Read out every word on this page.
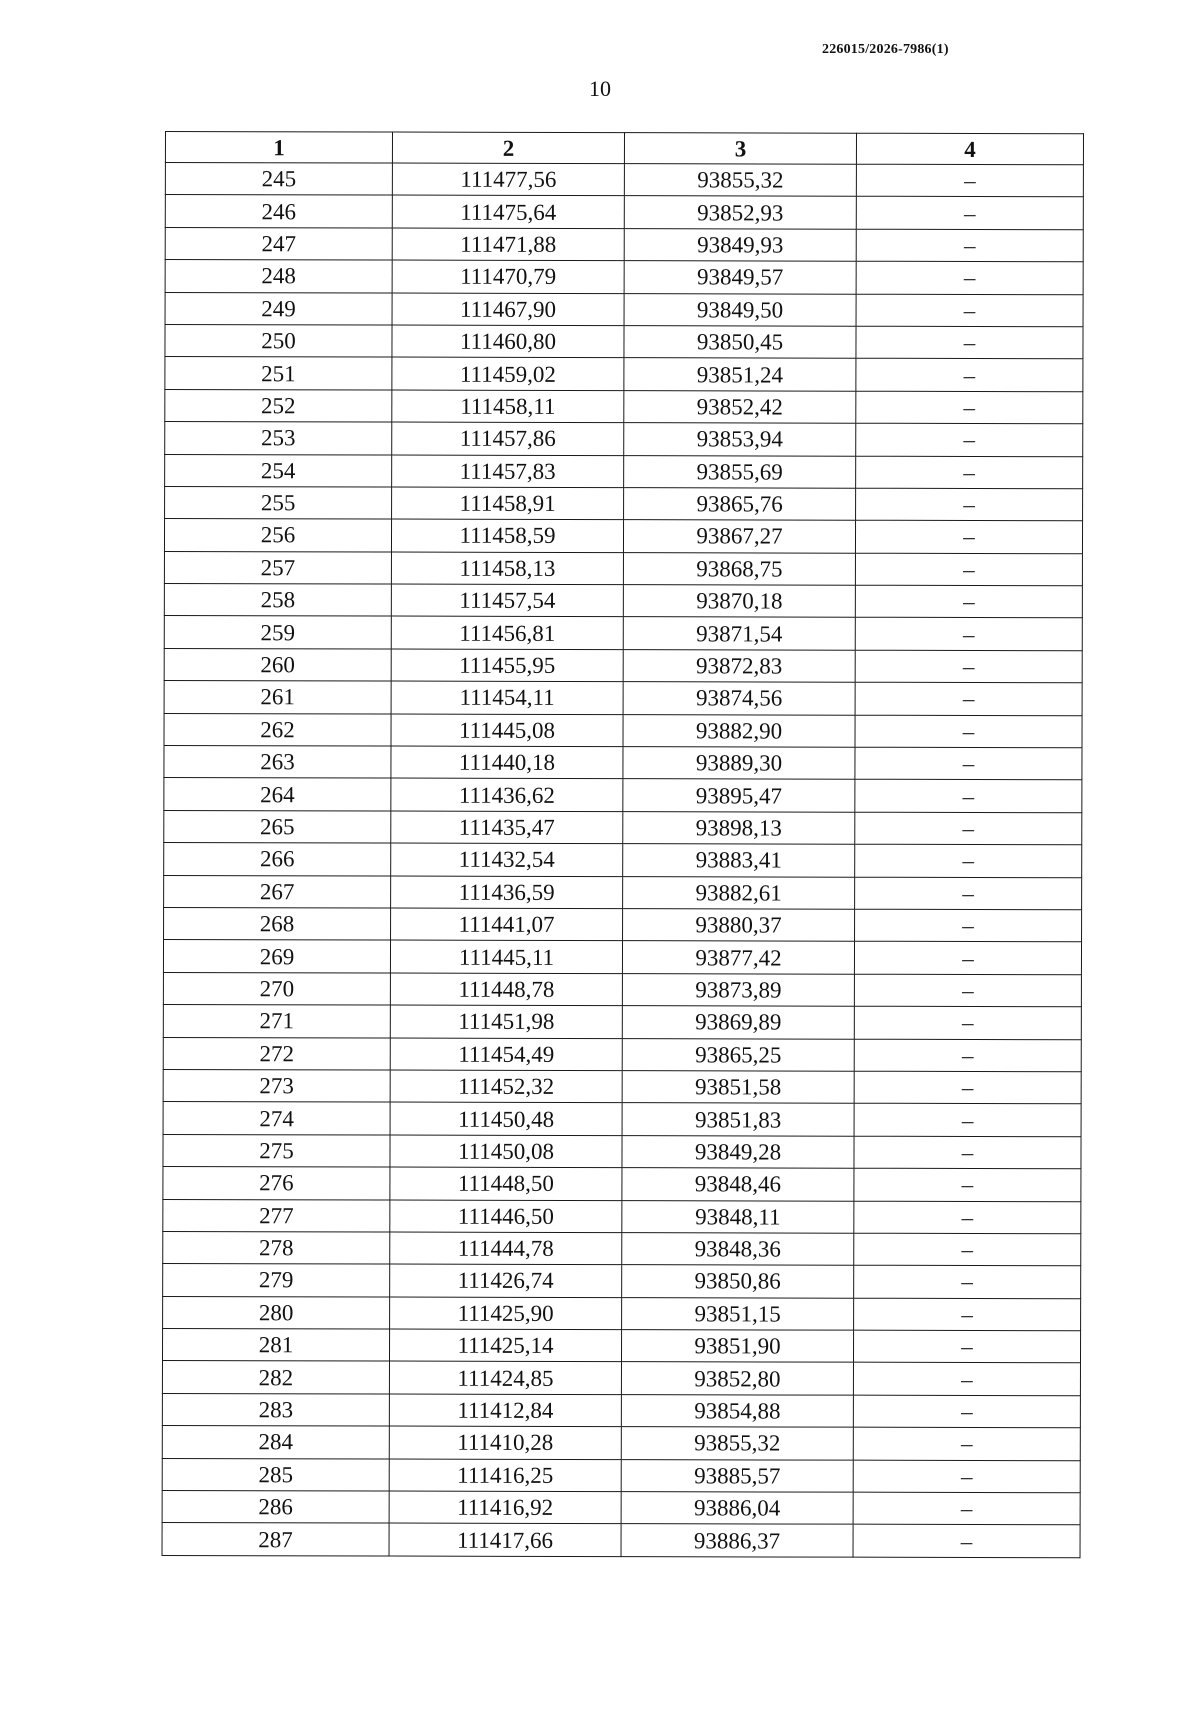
226015/2026-7986(1)
10
1	2	3	4
245	111477,56	93855,32	–
246	111475,64	93852,93	–
247	111471,88	93849,93	–
248	111470,79	93849,57	–
249	111467,90	93849,50	–
250	111460,80	93850,45	–
251	111459,02	93851,24	–
252	111458,11	93852,42	–
253	111457,86	93853,94	–
254	111457,83	93855,69	–
255	111458,91	93865,76	–
256	111458,59	93867,27	–
257	111458,13	93868,75	–
258	111457,54	93870,18	–
259	111456,81	93871,54	–
260	111455,95	93872,83	–
261	111454,11	93874,56	–
262	111445,08	93882,90	–
263	111440,18	93889,30	–
264	111436,62	93895,47	–
265	111435,47	93898,13	–
266	111432,54	93883,41	–
267	111436,59	93882,61	–
268	111441,07	93880,37	–
269	111445,11	93877,42	–
270	111448,78	93873,89	–
271	111451,98	93869,89	–
272	111454,49	93865,25	–
273	111452,32	93851,58	–
274	111450,48	93851,83	–
275	111450,08	93849,28	–
276	111448,50	93848,46	–
277	111446,50	93848,11	–
278	111444,78	93848,36	–
279	111426,74	93850,86	–
280	111425,90	93851,15	–
281	111425,14	93851,90	–
282	111424,85	93852,80	–
283	111412,84	93854,88	–
284	111410,28	93855,32	–
285	111416,25	93885,57	–
286	111416,92	93886,04	–
287	111417,66	93886,37	–
